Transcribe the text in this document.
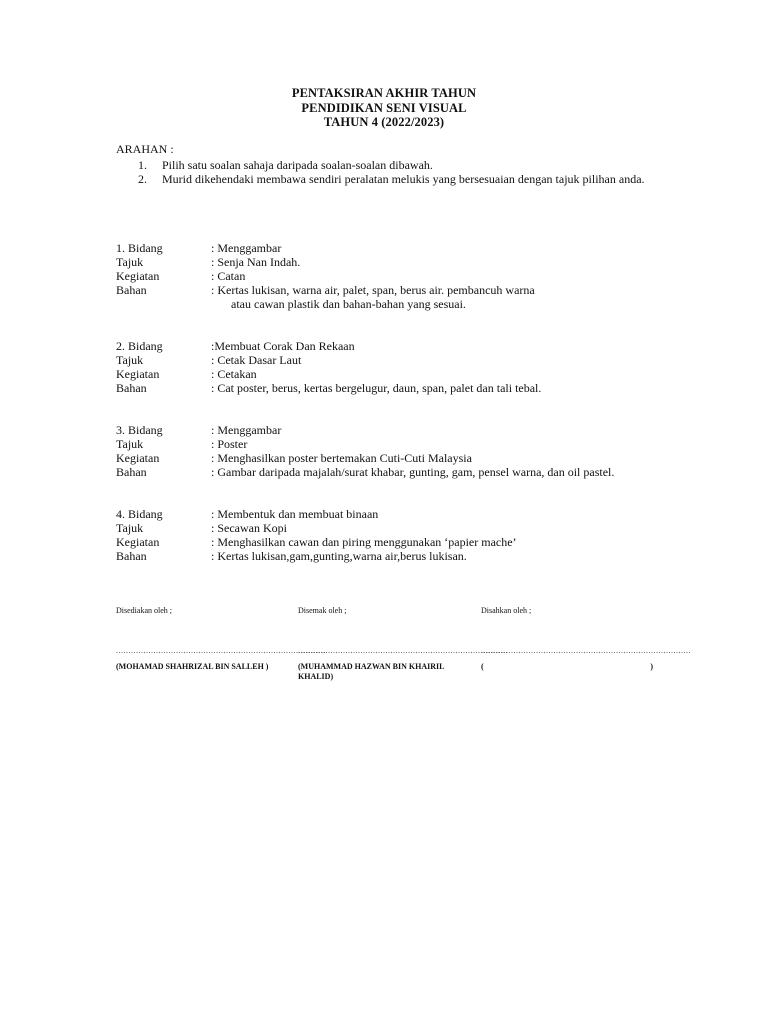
PENTAKSIRAN AKHIR TAHUN
PENDIDIKAN SENI VISUAL
TAHUN 4 (2022/2023)
ARAHAN :
1.	Pilih satu soalan sahaja daripada soalan-soalan dibawah.
2.	Murid dikehendaki membawa sendiri peralatan melukis yang bersesuaian dengan tajuk pilihan anda.
1. Bidang	: Menggambar
Tajuk	: Senja Nan Indah.
Kegiatan	: Catan
Bahan	: Kertas lukisan, warna air, palet, span, berus air. pembancuh warna
atau cawan plastik dan bahan-bahan yang sesuai.
2. Bidang	:Membuat Corak Dan Rekaan
Tajuk	: Cetak Dasar Laut
Kegiatan	: Cetakan
Bahan	: Cat poster, berus, kertas bergelugur, daun, span, palet dan tali tebal.
3. Bidang	: Menggambar
Tajuk	: Poster
Kegiatan	: Menghasilkan poster bertemakan Cuti-Cuti Malaysia
Bahan	: Gambar daripada majalah/surat khabar, gunting, gam, pensel warna, dan oil pastel.
4. Bidang	: Membentuk dan membuat binaan
Tajuk	: Secawan Kopi
Kegiatan	: Menghasilkan cawan dan piring menggunakan ‘papier mache’
Bahan	: Kertas lukisan,gam,gunting,warna air,berus lukisan.
Disediakan oleh ;
....................................................................................
(MOHAMAD SHAHRIZAL BIN SALLEH )
Disemak oleh ;
....................................................................................
(MUHAMMAD HAZWAN BIN KHAIRIL KHALID)
Disahkan oleh ;
....................................................................................
(	)
